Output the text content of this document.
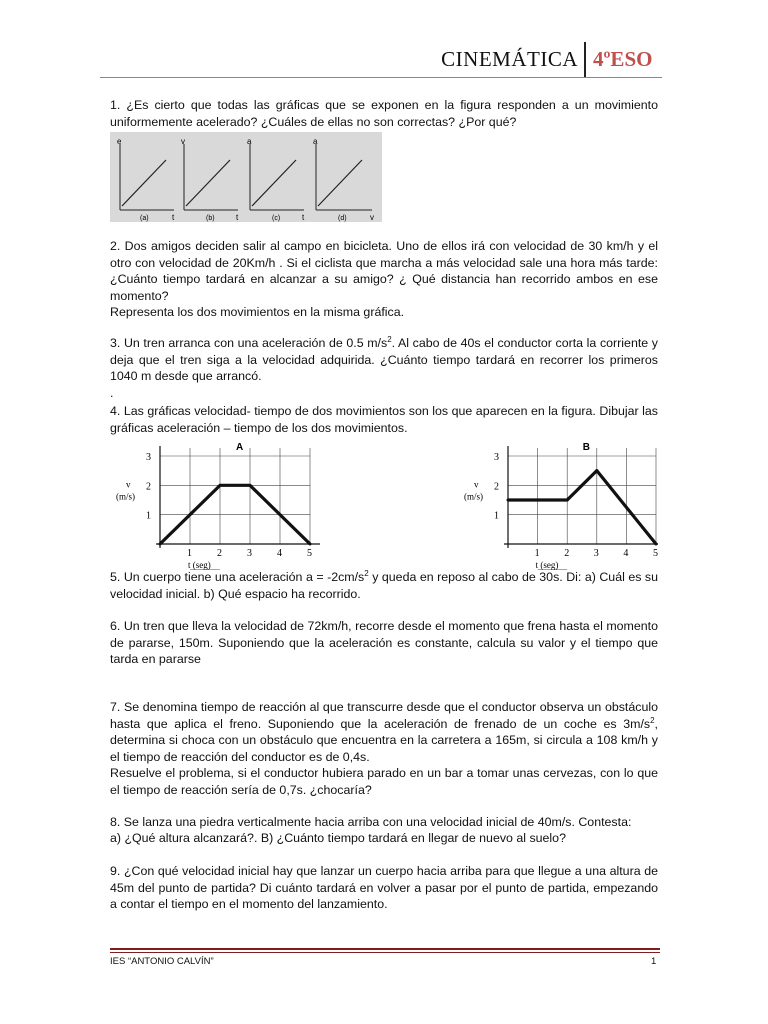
CINEMÁTICA 4ºESO

1. ¿Es cierto que todas las gráficas que se exponen en la figura responden a un movimiento uniformemente acelerado? ¿Cuáles de ellas no son correctas? ¿Por qué?

e
t
(a)
v
t
(b)
a
t
(c)
a
v
(d)

2. Dos amigos deciden salir al campo en bicicleta. Uno de ellos irá con velocidad de 30 km/h y el otro con velocidad de 20Km/h . Si el ciclista que marcha a más velocidad sale una hora más tarde: ¿Cuánto tiempo tardará en alcanzar a su amigo? ¿ Qué distancia han recorrido ambos en ese momento?

Representa los dos movimientos en la misma gráfica.

3. Un tren arranca con una aceleración de 0.5 $m/s^2$. Al cabo de 40s el conductor corta la corriente y deja que el tren siga a la velocidad adquirida. ¿Cuánto tiempo tardará en recorrer los primeros 1040 m desde que arrancó.

.

4. Las gráficas velocidad- tiempo de dos movimientos son los que aparecen en la figura. Dibujar las gráficas aceleración – tiempo de los dos movimientos.

1	2	3	4	5
1
2
3
A
v
(m/s)
t (seg)
1 2 3 4 5
1
2
3
B
v
(m/s)
t (seg)

5. Un cuerpo tiene una aceleración $a = -2cm/s^2$ y queda en reposo al cabo de 30s. Di: a) Cuál es su velocidad inicial. b) Qué espacio ha recorrido.

6. Un tren que lleva la velocidad de 72km/h, recorre desde el momento que frena hasta el momento de pararse, 150m. Suponiendo que la aceleración es constante, calcula su valor y el tiempo que tarda en pararse

7. Se denomina tiempo de reacción al que transcurre desde que el conductor observa un obstáculo hasta que aplica el freno. Suponiendo que la aceleración de frenado de un coche es $3m/s^2$, determina si choca con un obstáculo que encuentra en la carretera a 165m, si circula a 108 km/h y el tiempo de reacción del conductor es de 0,4s.

Resuelve el problema, si el conductor hubiera parado en un bar a tomar unas cervezas, con lo que el tiempo de reacción sería de 0,7s. ¿chocaría?

8. Se lanza una piedra verticalmente hacia arriba con una velocidad inicial de 40m/s. Contesta:

a) ¿Qué altura alcanzará?. B) ¿Cuánto tiempo tardará en llegar de nuevo al suelo?

9. ¿Con qué velocidad inicial hay que lanzar un cuerpo hacia arriba para que llegue a una altura de 45m del punto de partida? Di cuánto tardará en volver a pasar por el punto de partida, empezando a contar el tiempo en el momento del lanzamiento.

IES “ANTONIO CALVÍN”	1
